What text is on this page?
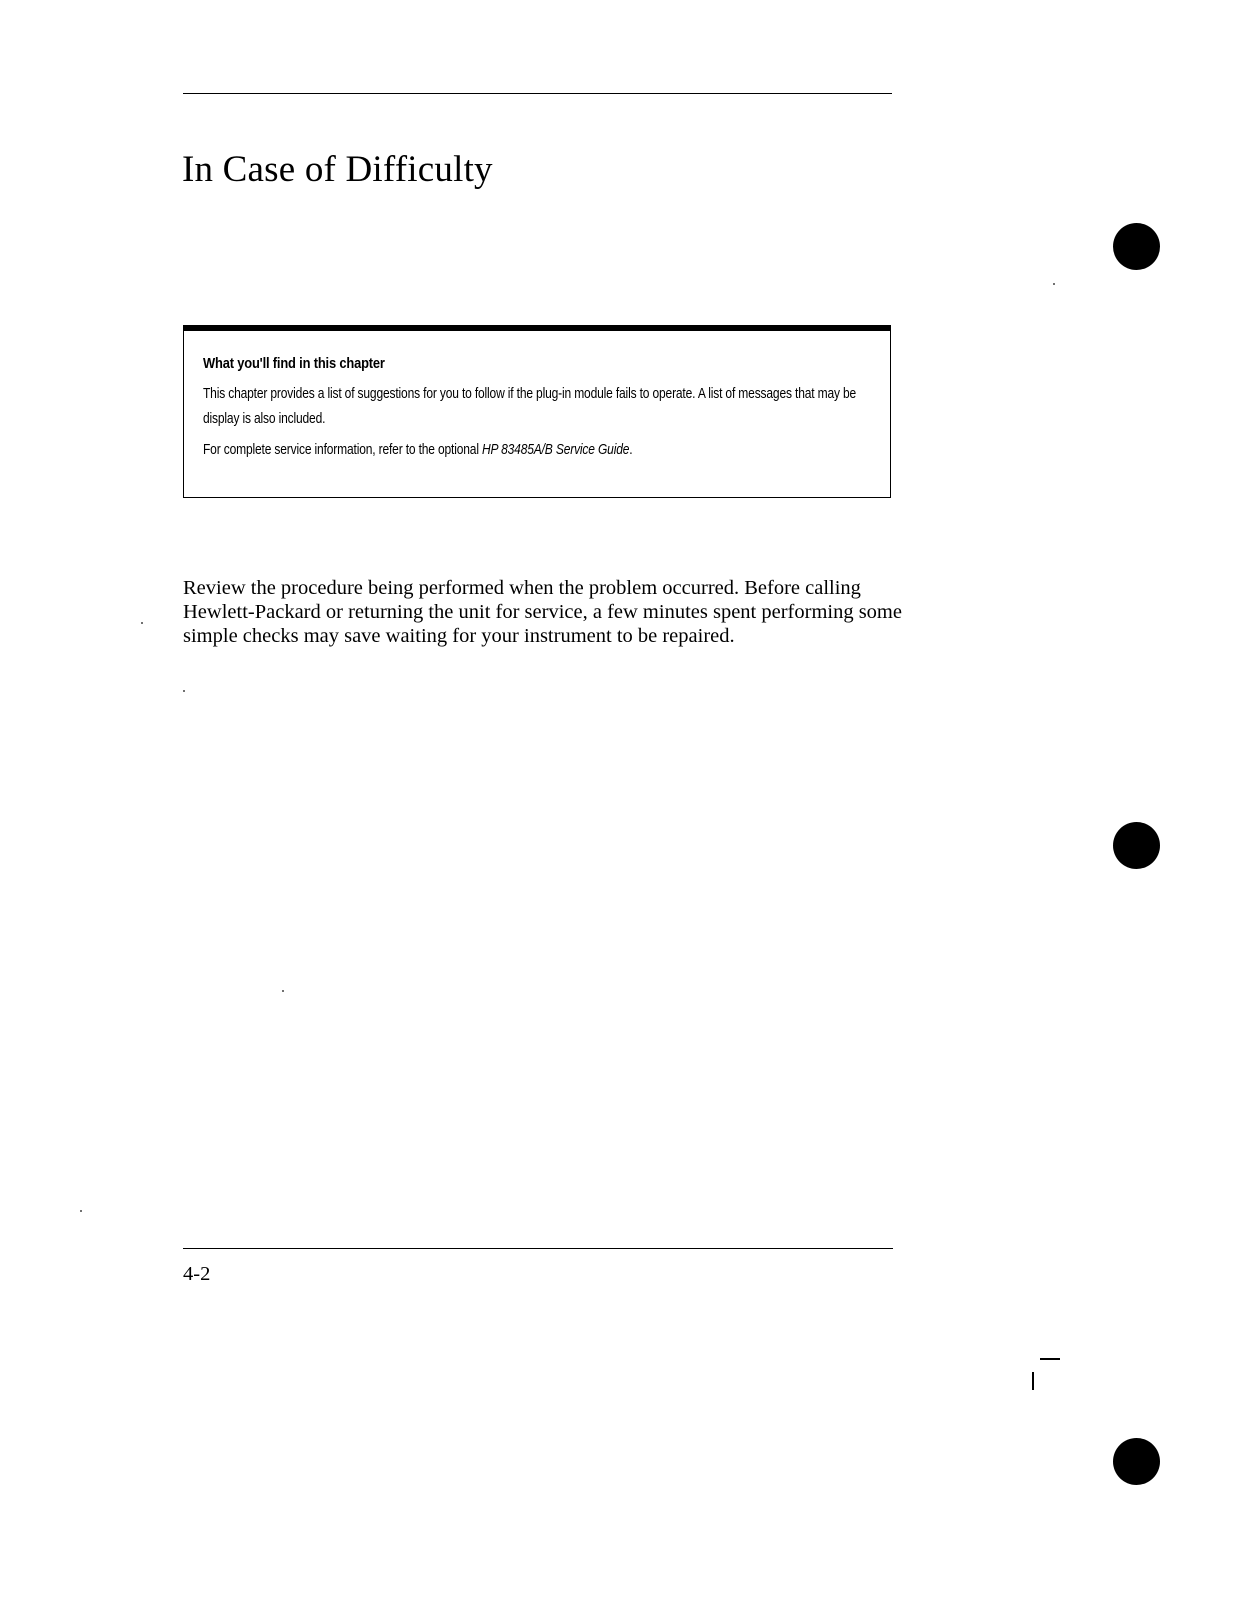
In Case of Difficulty
What you'll find in this chapter
This chapter provides a list of suggestions for you to follow if the plug-in module fails to operate. A list of messages that may be display is also included.
For complete service information, refer to the optional HP 83485A/B Service Guide.

Review the procedure being performed when the problem occurred. Before calling Hewlett-Packard or returning the unit for service, a few minutes spent performing some simple checks may save waiting for your instrument to be repaired.

4-2
